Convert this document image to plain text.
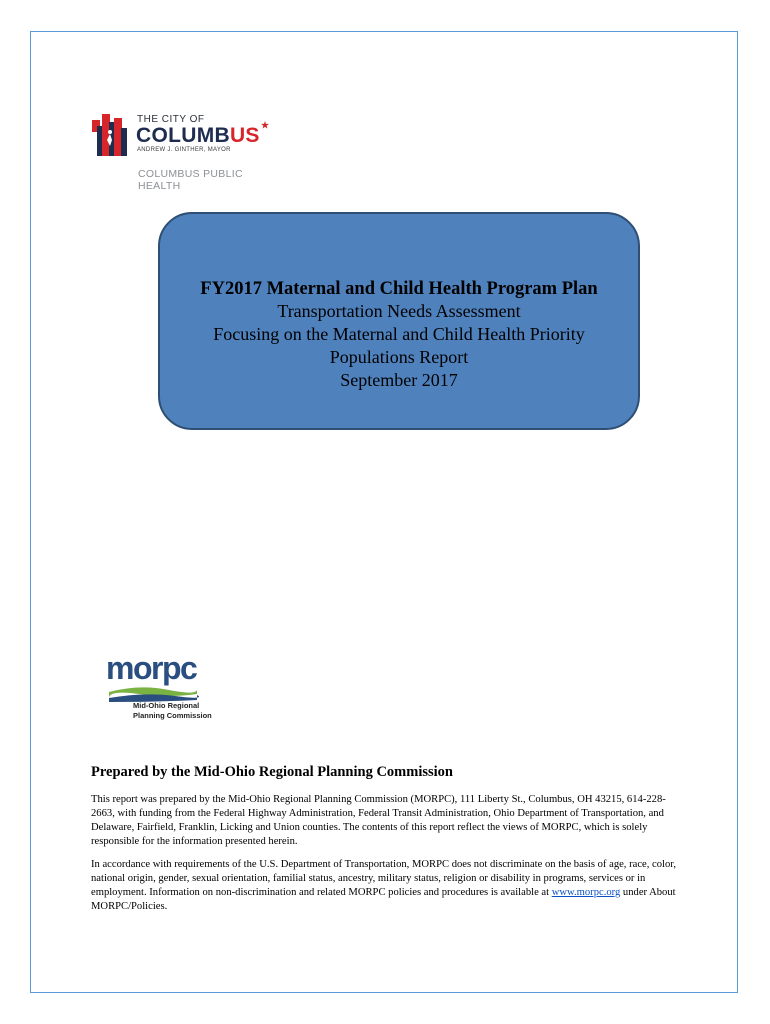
THE CITY OF
COLUMBUS
ANDREW J. GINTHER, MAYOR
COLUMBUS PUBLIC HEALTH
FY2017 Maternal and Child Health Program Plan
Transportation Needs Assessment
Focusing on the Maternal and Child Health Priority
Populations Report
September 2017
morpc
Mid-Ohio Regional
Planning Commission
Prepared by the Mid-Ohio Regional Planning Commission

This report was prepared by the Mid-Ohio Regional Planning Commission (MORPC), 111 Liberty St., Columbus, OH 43215, 614-228-2663, with funding from the Federal Highway Administration, Federal Transit Administration, Ohio Department of Transportation, and Delaware, Fairfield, Franklin, Licking and Union counties. The contents of this report reflect the views of MORPC, which is solely responsible for the information presented herein.

In accordance with requirements of the U.S. Department of Transportation, MORPC does not discriminate on the basis of age, race, color, national origin, gender, sexual orientation, familial status, ancestry, military status, religion or disability in programs, services or in employment. Information on non-discrimination and related MORPC policies and procedures is available at www.morpc.org under About MORPC/Policies.
